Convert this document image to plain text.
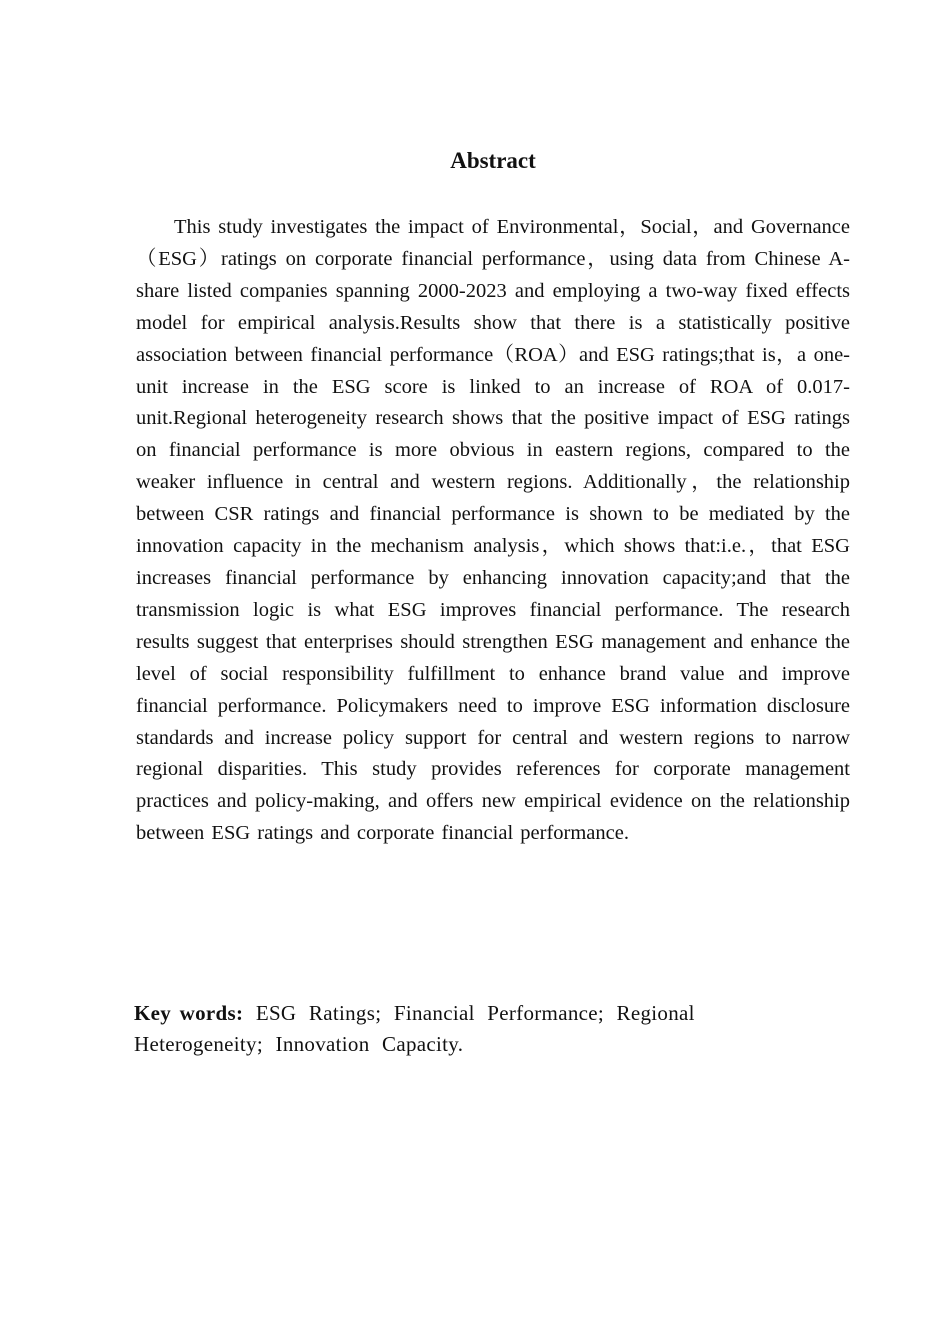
Abstract

This study investigates the impact of Environmental，Social，and Governance（ESG）ratings on corporate financial performance，using data from Chinese A-share listed companies spanning 2000-2023 and employing a two-way fixed effects model for empirical analysis.Results show that there is a statistically positive association between financial performance（ROA）and ESG ratings;that is，a one-unit increase in the ESG score is linked to an increase of ROA of 0.017-unit.Regional heterogeneity research shows that the positive impact of ESG ratings on financial performance is more obvious in eastern regions, compared to the weaker influence in central and western regions. Additionally，the relationship between CSR ratings and financial performance is shown to be mediated by the innovation capacity in the mechanism analysis，which shows that:i.e.，that ESG increases financial performance by enhancing innovation capacity;and that the transmission logic is what ESG improves financial performance. The research results suggest that enterprises should strengthen ESG management and enhance the level of social responsibility fulfillment to enhance brand value and improve financial performance. Policymakers need to improve ESG information disclosure standards and increase policy support for central and western regions to narrow regional disparities. This study provides references for corporate management practices and policy-making, and offers new empirical evidence on the relationship between ESG ratings and corporate financial performance.

Key words: ESG Ratings; Financial Performance; Regional Heterogeneity; Innovation Capacity.
